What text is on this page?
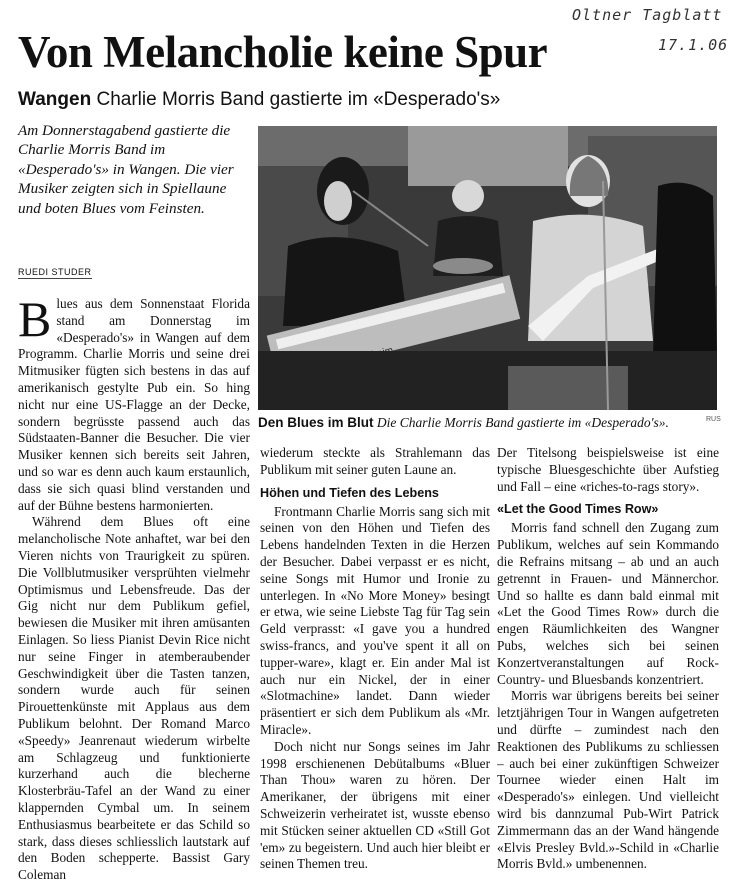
Oltner Tagblatt
17.1.06
Von Melancholie keine Spur
Wangen Charlie Morris Band gastierte im «Desperado's»
Am Donnerstagabend gastierte die Charlie Morris Band im «Desperado's» in Wangen. Die vier Musiker zeigten sich in Spiellaune und boten Blues vom Feinsten.
RUEDI STUDER

Blues aus dem Sonnenstaat Florida stand am Donnerstag im «Desperado's» in Wangen auf dem Programm. Charlie Morris und seine drei Mitmusiker fügten sich bestens in das auf amerikanisch gestylte Pub ein. So hing nicht nur eine US-Flagge an der Decke, sondern begrüsste passend auch das Südstaaten-Banner die Besucher. Die vier Musiker kennen sich bereits seit Jahren, und so war es denn auch kaum erstaunlich, dass sie sich quasi blind verstanden und auf der Bühne bestens harmonierten.

Während dem Blues oft eine melancholische Note anhaftet, war bei den Vieren nichts von Traurigkeit zu spüren. Die Vollblutmusiker versprühten vielmehr Optimismus und Lebensfreude. Das der Gig nicht nur dem Publikum gefiel, bewiesen die Musiker mit ihren amüsanten Einlagen. So liess Pianist Devin Rice nicht nur seine Finger in atemberaubender Geschwindigkeit über die Tasten tanzen, sondern wurde auch für seinen Pirouettenkünste mit Applaus aus dem Publikum belohnt. Der Romand Marco «Speedy» Jeanrenaut wiederum wirbelte am Schlagzeug und funktionierte kurzerhand auch die blecherne Klosterbräu-Tafel an der Wand zu einer klappernden Cymbal um. In seinem Enthusiasmus bearbeitete er das Schild so stark, dass dieses schliesslich lautstark auf den Boden schepperte. Bassist Gary Coleman

Den Blues im Blut Die Charlie Morris Band gastierte im «Desperado's».	RUS

wiederum steckte als Strahlemann das Publikum mit seiner guten Laune an.

Höhen und Tiefen des Lebens

Frontmann Charlie Morris sang sich mit seinen von den Höhen und Tiefen des Lebens handelnden Texten in die Herzen der Besucher. Dabei verpasst er es nicht, seine Songs mit Humor und Ironie zu unterlegen. In «No More Money» besingt er etwa, wie seine Liebste Tag für Tag sein Geld verprasst: «I gave you a hundred swiss-francs, and you've spent it all on tupper-ware», klagt er. Ein ander Mal ist auch nur ein Nickel, der in einer «Slotmachine» landet. Dann wieder präsentiert er sich dem Publikum als «Mr. Miracle».

Doch nicht nur Songs seines im Jahr 1998 erschienenen Debütalbums «Bluer Than Thou» waren zu hören. Der Amerikaner, der übrigens mit einer Schweizerin verheiratet ist, wusste ebenso mit Stücken seiner aktuellen CD «Still Got 'em» zu begeistern. Und auch hier bleibt er seinen Themen treu.

Der Titelsong beispielsweise ist eine typische Bluesgeschichte über Aufstieg und Fall – eine «riches-to-rags story».

«Let the Good Times Row»

Morris fand schnell den Zugang zum Publikum, welches auf sein Kommando die Refrains mitsang – ab und an auch getrennt in Frauen- und Männerchor. Und so hallte es dann bald einmal mit «Let the Good Times Row» durch die engen Räumlichkeiten des Wangner Pubs, welches sich bei seinen Konzertveranstaltungen auf Rock-Country- und Bluesbands konzentriert.

Morris war übrigens bereits bei seiner letztjährigen Tour in Wangen aufgetreten und dürfte – zumindest nach den Reaktionen des Publikums zu schliessen – auch bei einer zukünftigen Schweizer Tournee wieder einen Halt im «Desperado's» einlegen. Und vielleicht wird bis dannzumal Pub-Wirt Patrick Zimmermann das an der Wand hängende «Elvis Presley Bvld.»-Schild in «Charlie Morris Bvld.» umbenennen.
